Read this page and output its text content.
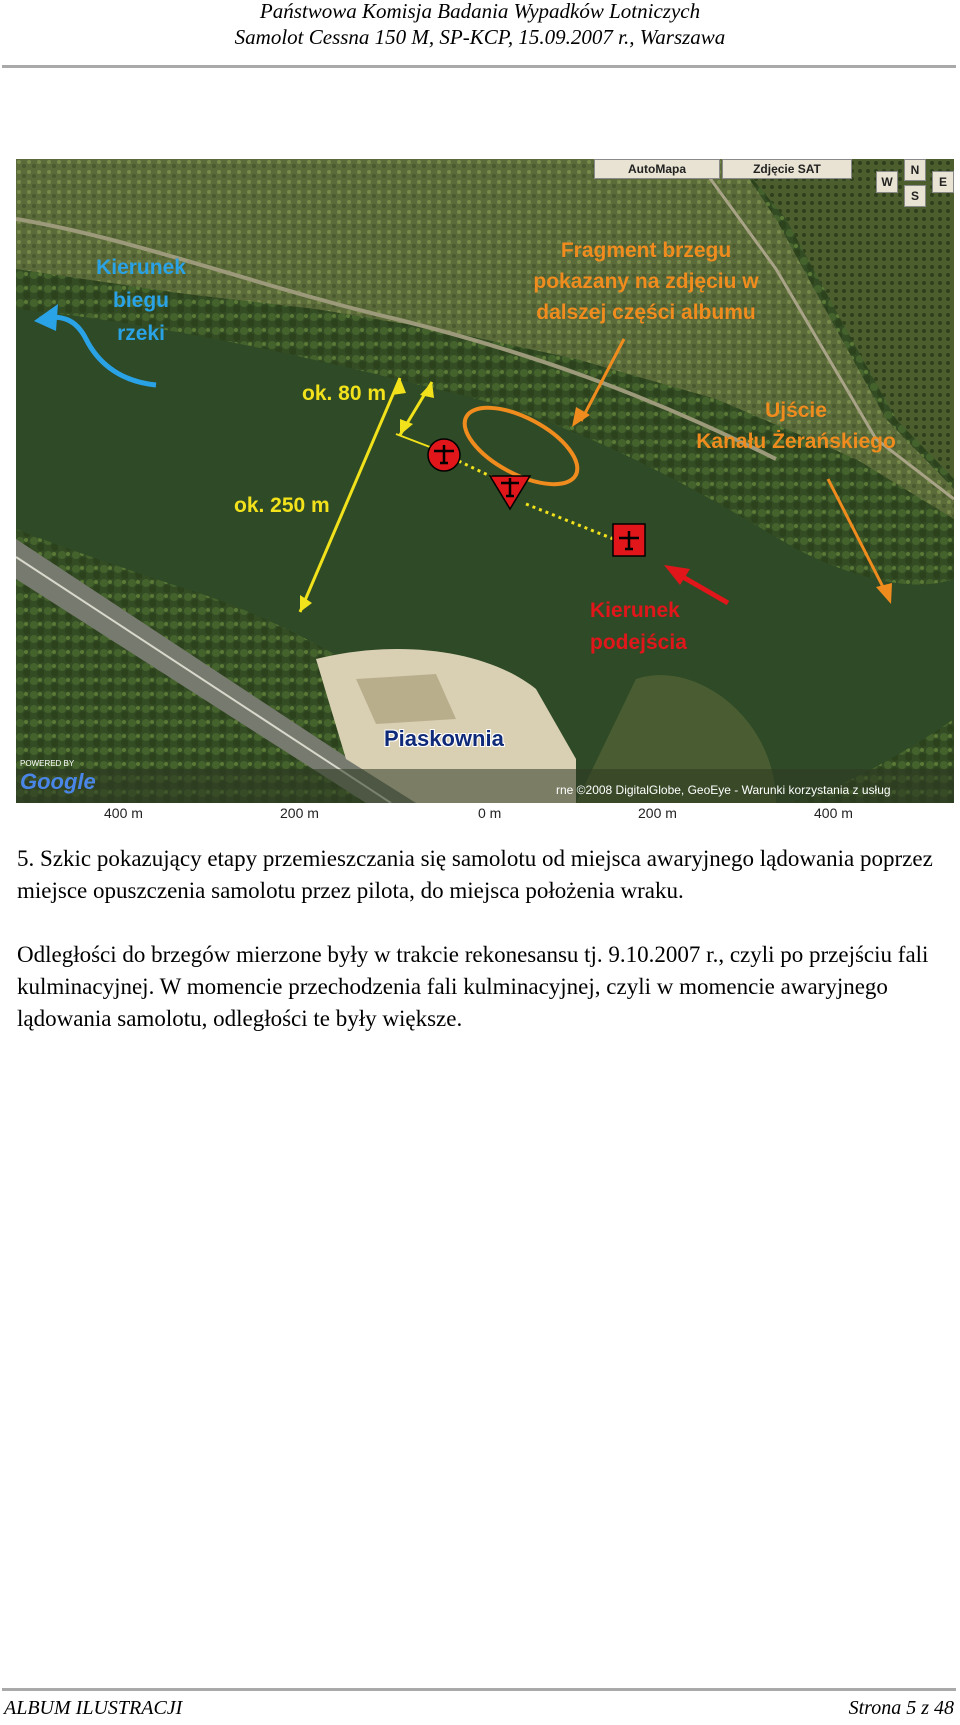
Państwowa Komisja Badania Wypadków Lotniczych
Samolot Cessna 150 M, SP-KCP, 15.09.2007 r., Warszawa
AutoMapa	Zdjęcie SAT	N
S
W	E
Kierunek
biegu
rzeki
Fragment brzegu
pokazany na zdjęciu w
dalszej części albumu
Ujście
Kanału Żerańskiego
ok. 80 m
ok. 250 m
Kierunek
podejścia
Piaskownia
rne ©2008 DigitalGlobe, GeoEye - Warunki korzystania z usług
POWERED BY
Google
400 m	200 m	0 m	200 m	400 m
5. Szkic pokazujący etapy przemieszczania się samolotu od miejsca awaryjnego lądowania poprzez miejsce opuszczenia samolotu przez pilota, do miejsca położenia wraku.
Odległości do brzegów mierzone były w trakcie rekonesansu tj. 9.10.2007 r., czyli po przejściu fali kulminacyjnej. W momencie przechodzenia fali kulminacyjnej, czyli w momencie awaryjnego lądowania samolotu, odległości te były większe.
ALBUM ILUSTRACJI	Strona 5 z 48
